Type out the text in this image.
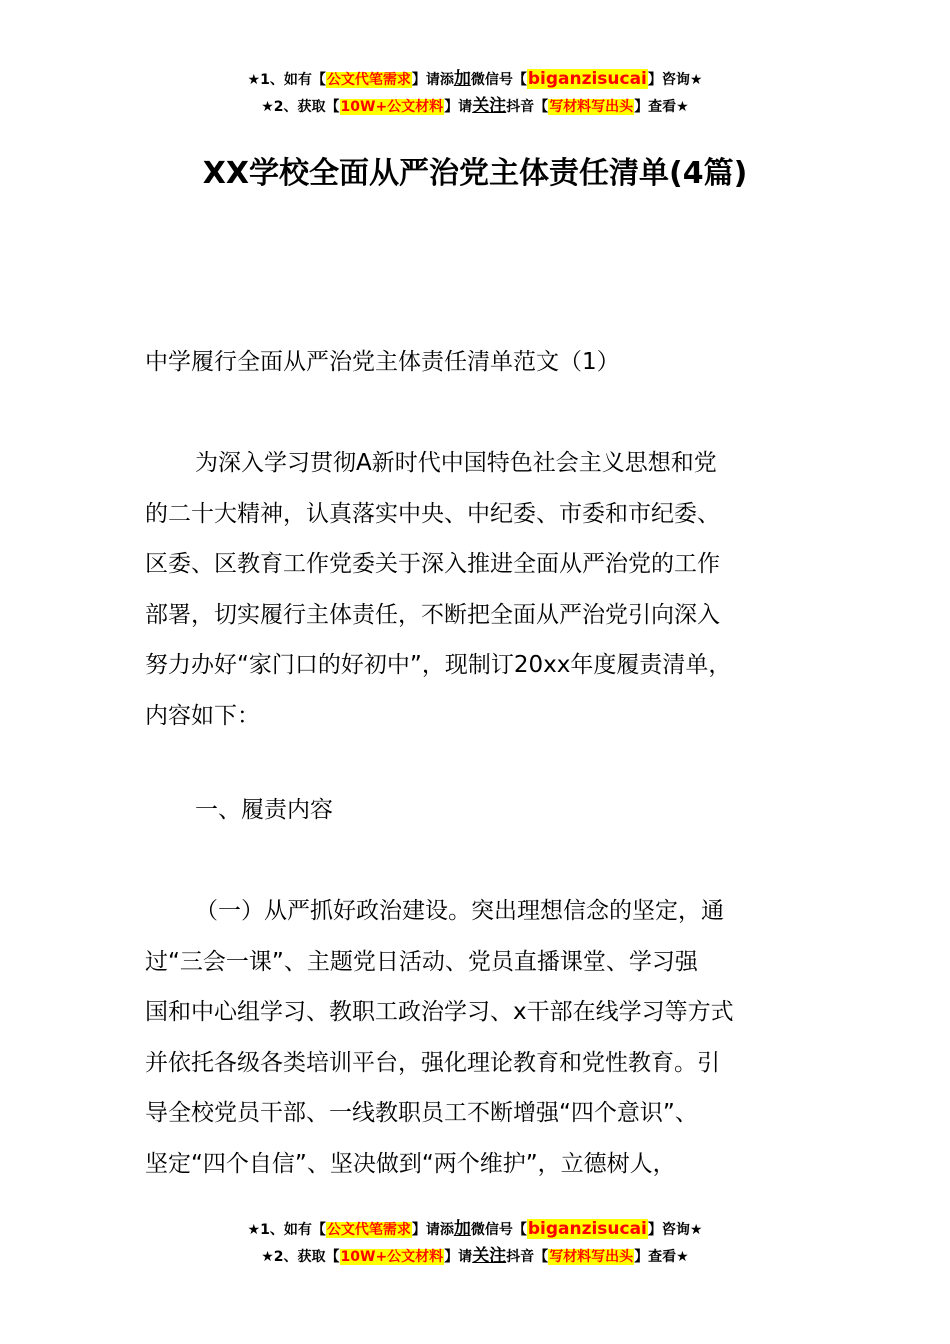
★1、如有【公文代笔需求】请添加微信号【biganzisucai】咨询★
★2、获取【10W+公文材料】请关注抖音【写材料写出头】查看★
XX学校全面从严治党主体责任清单(4篇)
中学履行全面从严治党主体责任清单范文（1）
为深入学习贯彻A新时代中国特色社会主义思想和党
的二十大精神，认真落实中央、中纪委、市委和市纪委、
区委、区教育工作党委关于深入推进全面从严治党的工作
部署，切实履行主体责任，不断把全面从严治党引向深入
努力办好“家门口的好初中”，现制订20xx年度履责清单，
内容如下：
一、履责内容
（一）从严抓好政治建设。突出理想信念的坚定，通
过“三会一课”、主题党日活动、党员直播课堂、学习强
国和中心组学习、教职工政治学习、x干部在线学习等方式
并依托各级各类培训平台，强化理论教育和党性教育。引
导全校党员干部、一线教职员工不断增强“四个意识”、
坚定“四个自信”、坚决做到“两个维护”，立德树人，
★1、如有【公文代笔需求】请添加微信号【biganzisucai】咨询★
★2、获取【10W+公文材料】请关注抖音【写材料写出头】查看★
